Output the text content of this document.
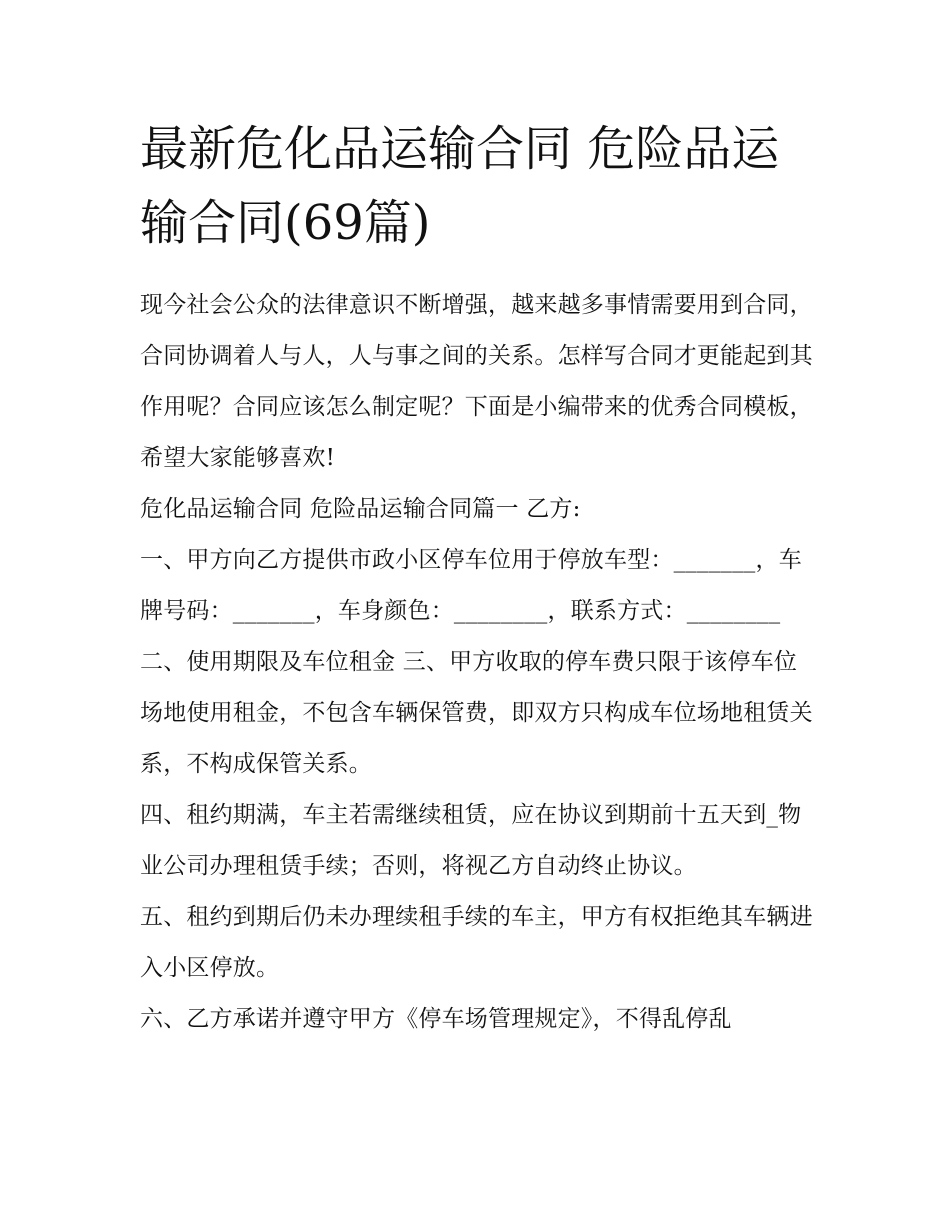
最新危化品运输合同 危险品运输合同(69篇)

现今社会公众的法律意识不断增强，越来越多事情需要用到合同，合同协调着人与人，人与事之间的关系。怎样写合同才更能起到其作用呢？合同应该怎么制定呢？下面是小编带来的优秀合同模板，希望大家能够喜欢!

危化品运输合同 危险品运输合同篇一 乙方:

一、甲方向乙方提供市政小区停车位用于停放车型：_______，车牌号码：_______，车身颜色：________，联系方式：________

二、使用期限及车位租金 三、甲方收取的停车费只限于该停车位场地使用租金，不包含车辆保管费，即双方只构成车位场地租赁关系，不构成保管关系。

四、租约期满，车主若需继续租赁，应在协议到期前十五天到_物业公司办理租赁手续；否则，将视乙方自动终止协议。

五、租约到期后仍未办理续租手续的车主，甲方有权拒绝其车辆进入小区停放。

六、乙方承诺并遵守甲方《停车场管理规定》，不得乱停乱
